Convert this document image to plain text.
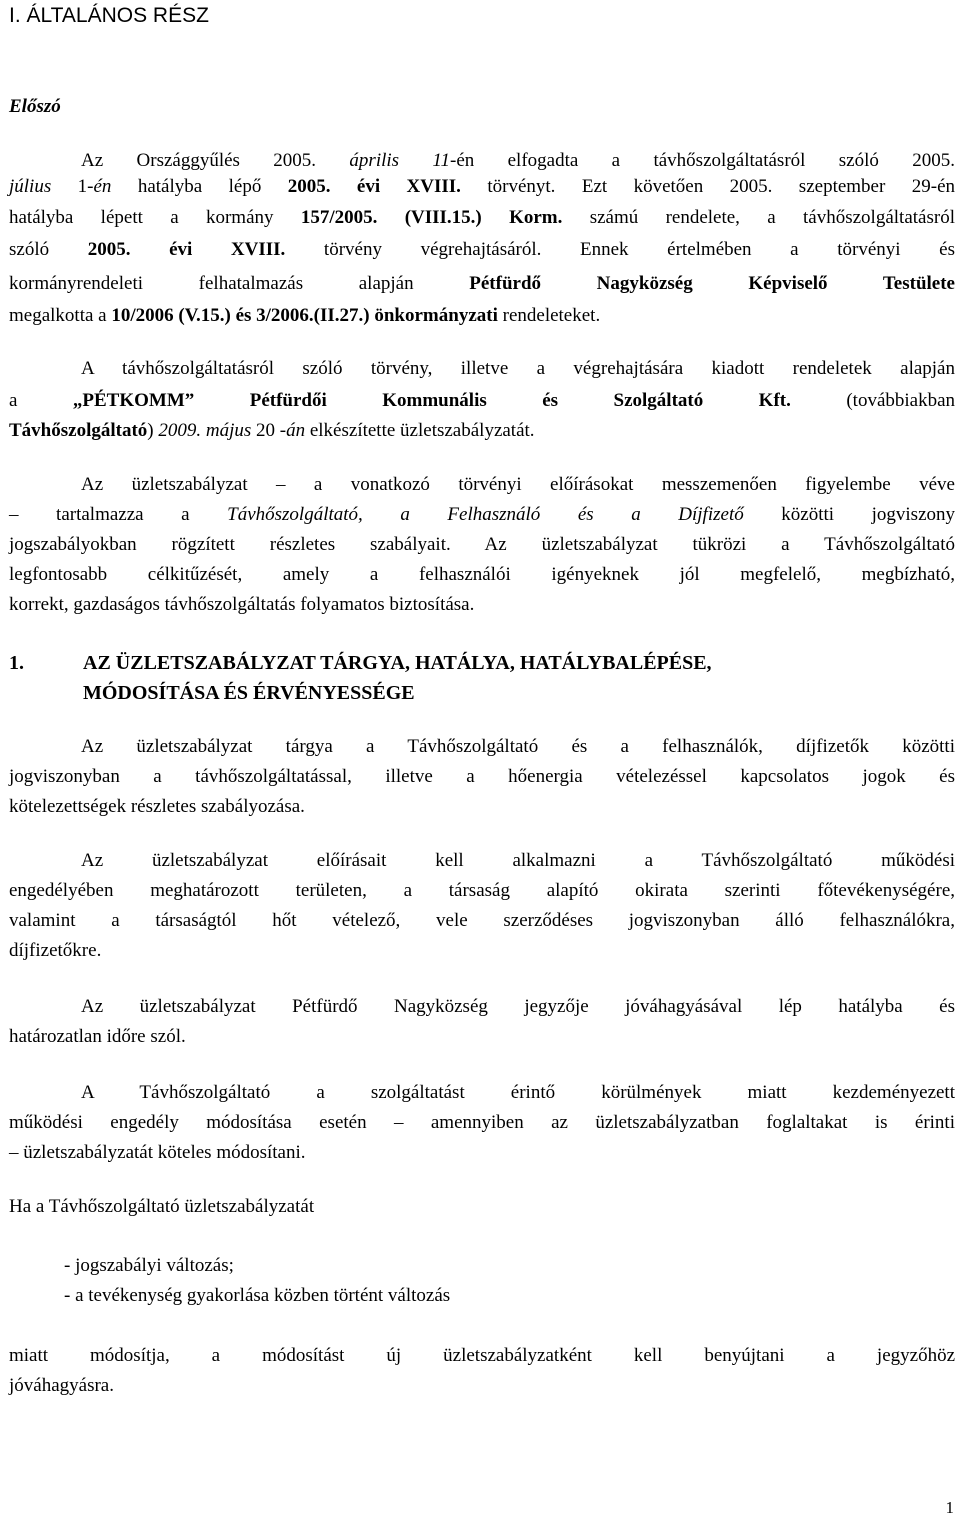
I. ÁLTALÁNOS RÉSZ
Előszó

Az Országgyűlés 2005. április 11-én elfogadta a távhőszolgáltatásról szóló 2005.

július 1-én hatályba lépő 2005. évi XVIII. törvényt. Ezt követően 2005. szeptember 29-én

hatályba lépett a kormány 157/2005. (VIII.15.) Korm. számú rendelete, a távhőszolgáltatásról

szóló 2005. évi XVIII. törvény végrehajtásáról. Ennek értelmében a törvényi és

kormányrendeleti felhatalmazás alapján Pétfürdő Nagyközség Képviselő Testülete

megalkotta a 10/2006 (V.15.) és 3/2006.(II.27.) önkormányzati rendeleteket.

A távhőszolgáltatásról szóló törvény, illetve a végrehajtására kiadott rendeletek alapján

a „PÉTKOMM” Pétfürdői Kommunális és Szolgáltató Kft. (továbbiakban

Távhőszolgáltató) 2009. május 20 -án elkészítette üzletszabályzatát.

Az üzletszabályzat – a vonatkozó törvényi előírásokat messzemenően figyelembe véve

– tartalmazza a Távhőszolgáltató, a Felhasználó és a Díjfizető közötti jogviszony

jogszabályokban rögzített részletes szabályait. Az üzletszabályzat tükrözi a Távhőszolgáltató

legfontosabb célkitűzését, amely a felhasználói igényeknek jól megfelelő, megbízható,

korrekt, gazdaságos távhőszolgáltatás folyamatos biztosítása.

1.	AZ ÜZLETSZABÁLYZAT TÁRGYA, HATÁLYA, HATÁLYBALÉPÉSE,

MÓDOSÍTÁSA ÉS ÉRVÉNYESSÉGE

Az üzletszabályzat tárgya a Távhőszolgáltató és a felhasználók, díjfizetők közötti

jogviszonyban a távhőszolgáltatással, illetve a hőenergia vételezéssel kapcsolatos jogok és

kötelezettségek részletes szabályozása.

Az üzletszabályzat előírásait kell alkalmazni a Távhőszolgáltató működési

engedélyében meghatározott területen, a társaság alapító okirata szerinti főtevékenységére,

valamint a társaságtól hőt vételező, vele szerződéses jogviszonyban álló felhasználókra,

díjfizetőkre.

Az üzletszabályzat Pétfürdő Nagyközség jegyzője jóváhagyásával lép hatályba és

határozatlan időre szól.

A Távhőszolgáltató a szolgáltatást érintő körülmények miatt kezdeményezett

működési engedély módosítása esetén – amennyiben az üzletszabályzatban foglaltakat is érinti

– üzletszabályzatát köteles módosítani.

Ha a Távhőszolgáltató üzletszabályzatát

- jogszabályi változás;
- a tevékenység gyakorlása közben történt változás

miatt módosítja, a módosítást új üzletszabályzatként kell benyújtani a jegyzőhöz

jóváhagyásra.

1
